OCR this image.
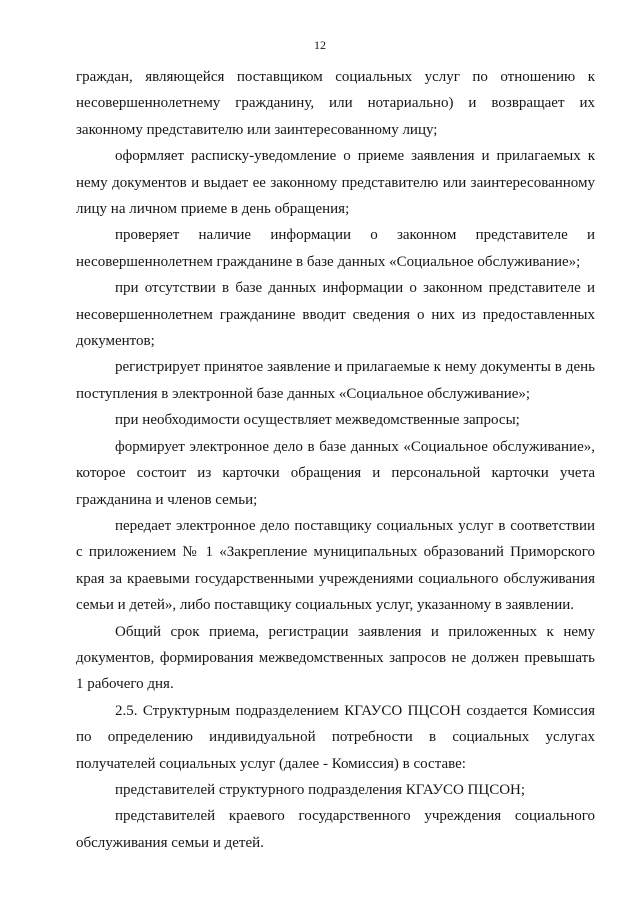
12

граждан, являющейся поставщиком социальных услуг по отношению к несовершеннолетнему гражданину, или нотариально) и возвращает их законному представителю или заинтересованному лицу;

оформляет расписку-уведомление о приеме заявления и прилагаемых к нему документов и выдает ее законному представителю или заинтересованному лицу на личном приеме в день обращения;

проверяет наличие информации о законном представителе и несовершеннолетнем гражданине в базе данных «Социальное обслуживание»;

при отсутствии в базе данных информации о законном представителе и несовершеннолетнем гражданине вводит сведения о них из предоставленных документов;

регистрирует принятое заявление и прилагаемые к нему документы в день поступления в электронной базе данных «Социальное обслуживание»;

при необходимости осуществляет межведомственные запросы;

формирует электронное дело в базе данных «Социальное обслуживание», которое состоит из карточки обращения и персональной карточки учета гражданина и членов семьи;

передает электронное дело поставщику социальных услуг в соответствии с приложением № 1 «Закрепление муниципальных образований Приморского края за краевыми государственными учреждениями социального обслуживания семьи и детей», либо поставщику социальных услуг, указанному в заявлении.

Общий срок приема, регистрации заявления и приложенных к нему документов, формирования межведомственных запросов не должен превышать 1 рабочего дня.

2.5. Структурным подразделением КГАУСО ПЦСОН создается Комиссия по определению индивидуальной потребности в социальных услугах получателей социальных услуг (далее - Комиссия) в составе:

представителей структурного подразделения КГАУСО ПЦСОН;

представителей краевого государственного учреждения социального обслуживания семьи и детей.
